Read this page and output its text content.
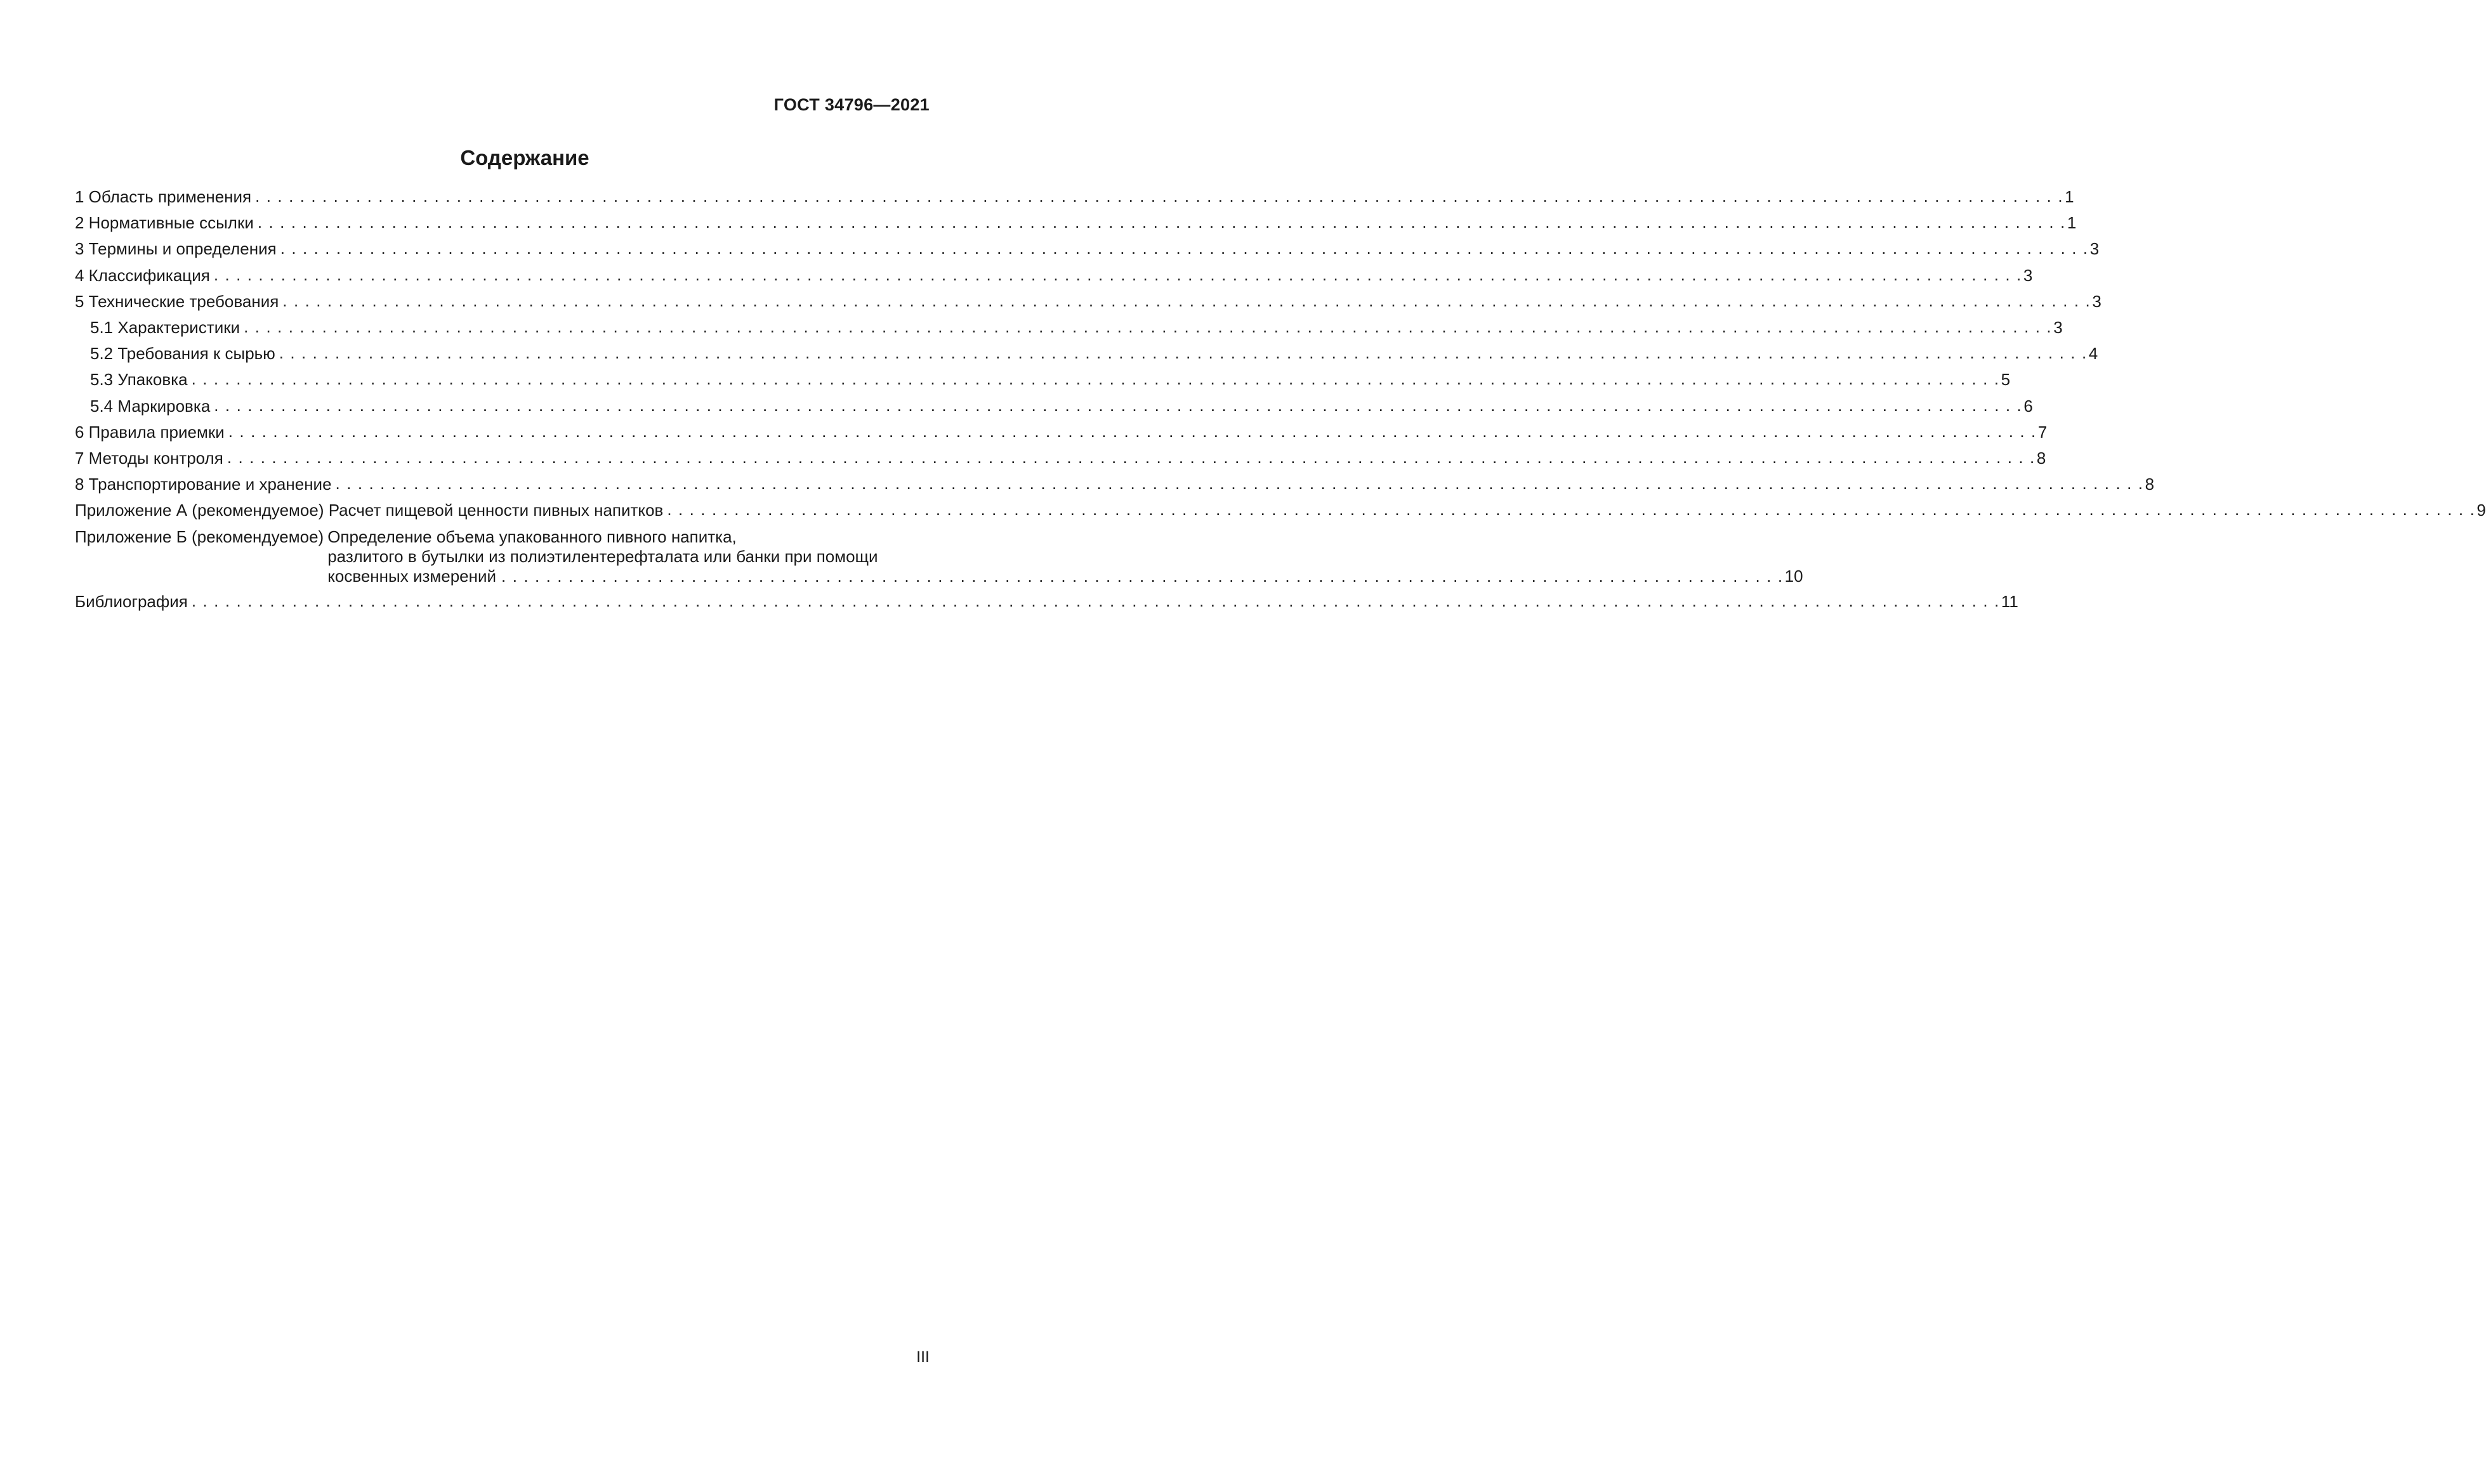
ГОСТ 34796—2021
Содержание
1 Область применения . . .	1
2 Нормативные ссылки . . .	1
3 Термины и определения . . .	3
4 Классификация . . .	3
5 Технические требования . . .	3
5.1 Характеристики . . .	3
5.2 Требования к сырью . . .	4
5.3 Упаковка . . .	5
5.4 Маркировка . . .	6
6 Правила приемки . . .	7
7 Методы контроля . . .	8
8 Транспортирование и хранение . . .	8
Приложение А (рекомендуемое) Расчет пищевой ценности пивных напитков . . .	9
Приложение Б (рекомендуемое) Определение объема упакованного пивного напитка,
разлитого в бутылки из полиэтилентерефталата или банки при помощи
косвенных измерений . . .	10
Библиография . . .	11
III
